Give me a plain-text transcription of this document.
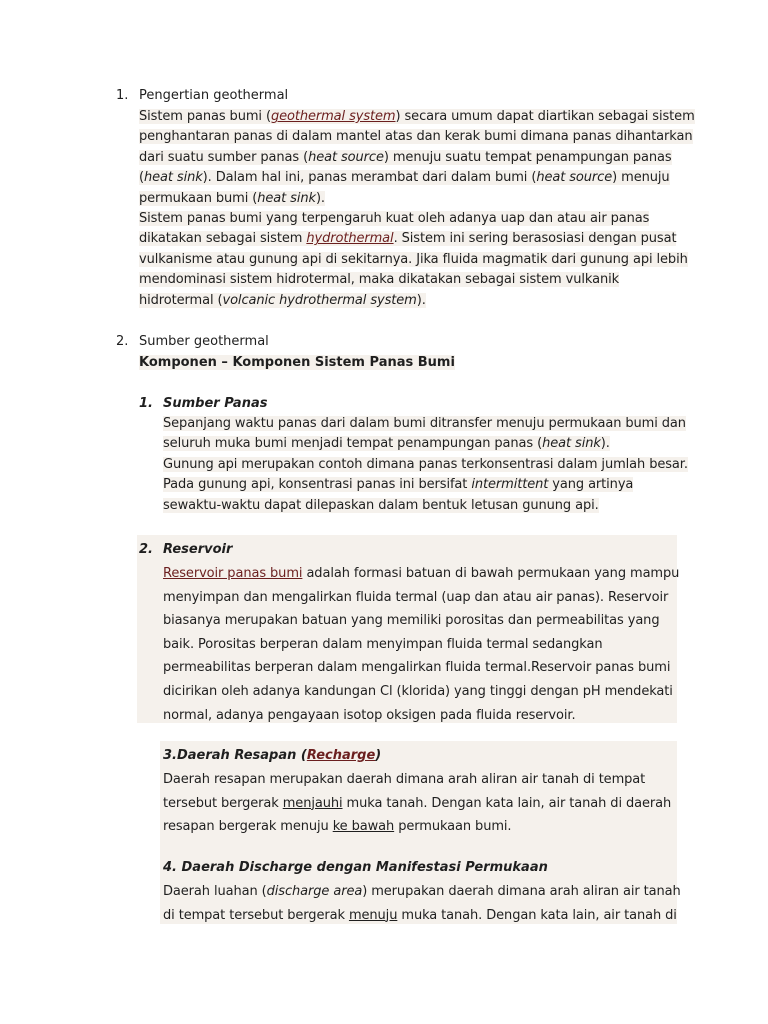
1. Pengertian geothermal
Sistem panas bumi (geothermal system) secara umum dapat diartikan sebagai sistem
penghantaran panas di dalam mantel atas dan kerak bumi dimana panas dihantarkan
dari suatu sumber panas (heat source) menuju suatu tempat penampungan panas
(heat sink). Dalam hal ini, panas merambat dari dalam bumi (heat source) menuju
permukaan bumi (heat sink).
Sistem panas bumi yang terpengaruh kuat oleh adanya uap dan atau air panas
dikatakan sebagai sistem hydrothermal. Sistem ini sering berasosiasi dengan pusat
vulkanisme atau gunung api di sekitarnya. Jika fluida magmatik dari gunung api lebih
mendominasi sistem hidrotermal, maka dikatakan sebagai sistem vulkanik
hidrotermal (volcanic hydrothermal system).
2. Sumber geothermal
Komponen – Komponen Sistem Panas Bumi
1. Sumber Panas
Sepanjang waktu panas dari dalam bumi ditransfer menuju permukaan bumi dan
seluruh muka bumi menjadi tempat penampungan panas (heat sink).
Gunung api merupakan contoh dimana panas terkonsentrasi dalam jumlah besar.
Pada gunung api, konsentrasi panas ini bersifat intermittent yang artinya
sewaktu-waktu dapat dilepaskan dalam bentuk letusan gunung api.
2. Reservoir
Reservoir panas bumi adalah formasi batuan di bawah permukaan yang mampu
menyimpan dan mengalirkan fluida termal (uap dan atau air panas). Reservoir
biasanya merupakan batuan yang memiliki porositas dan permeabilitas yang
baik. Porositas berperan dalam menyimpan fluida termal sedangkan
permeabilitas berperan dalam mengalirkan fluida termal.Reservoir panas bumi
dicirikan oleh adanya kandungan Cl (klorida) yang tinggi dengan pH mendekati
normal, adanya pengayaan isotop oksigen pada fluida reservoir.
3.Daerah Resapan (Recharge)
Daerah resapan merupakan daerah dimana arah aliran air tanah di tempat
tersebut bergerak menjauhi muka tanah. Dengan kata lain, air tanah di daerah
resapan bergerak menuju ke bawah permukaan bumi.
4. Daerah Discharge dengan Manifestasi Permukaan
Daerah luahan (discharge area) merupakan daerah dimana arah aliran air tanah
di tempat tersebut bergerak menuju muka tanah. Dengan kata lain, air tanah di
